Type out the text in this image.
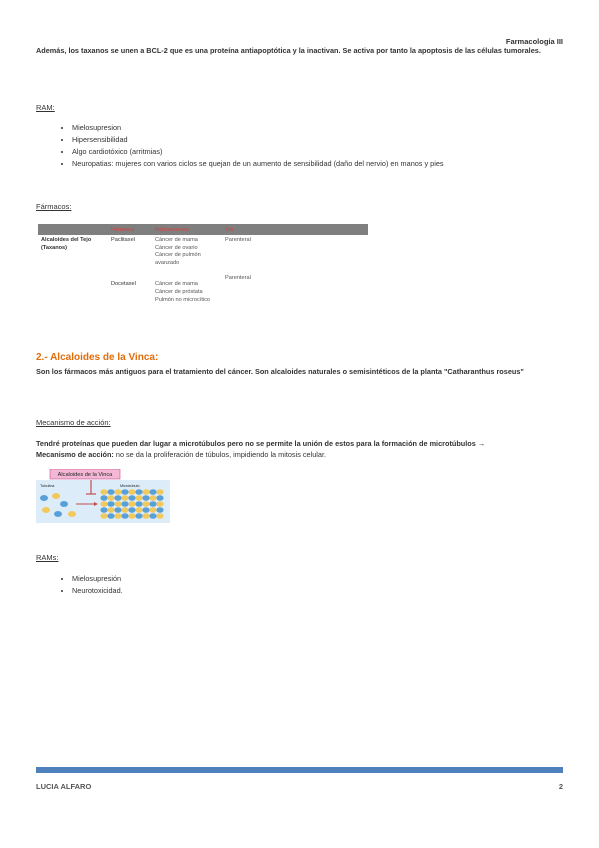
Farmacología III
Además, los taxanos se unen a BCL-2 que es una proteína antiapoptótica y la inactivan. Se activa por tanto la apoptosis de las células tumorales.
RAM:
• Mielosupresion
• Hipersensibilidad
• Algo cardiotóxico (arritmias)
• Neuropatias: mujeres con varios ciclos se quejan de un aumento de sensibilidad (daño del nervio) en manos y pies
Fármacos:
	Fármaco	Indicaciones	Vía
Alcaloides del Tejo (Taxanos)	Paclitaxel	Cáncer de mama
Cáncer de ovario
Cáncer de pulmón avanzado	Parenteral
	Docetaxel	Cáncer de mama
Cáncer de próstata
Pulmón no microcítico	Parenteral
2.- Alcaloides de la Vinca:
Son los fármacos más antiguos para el tratamiento del cáncer. Son alcaloides naturales o semisintéticos de la planta "Catharanthus roseus"
Mecanismo de acción:
Tendré proteínas que pueden dar lugar a microtúbulos pero no se permite la unión de estos para la formación de microtúbulos →
Mecanismo de acción: no se da la proliferación de túbulos, impidiendo la mitosis celular.
Alcaloides de la Vinca
Tubulina	Microtúbulo
RAMs:
• Mielosupresión
• Neurotoxicidad.
LUCIA ALFARO	2
